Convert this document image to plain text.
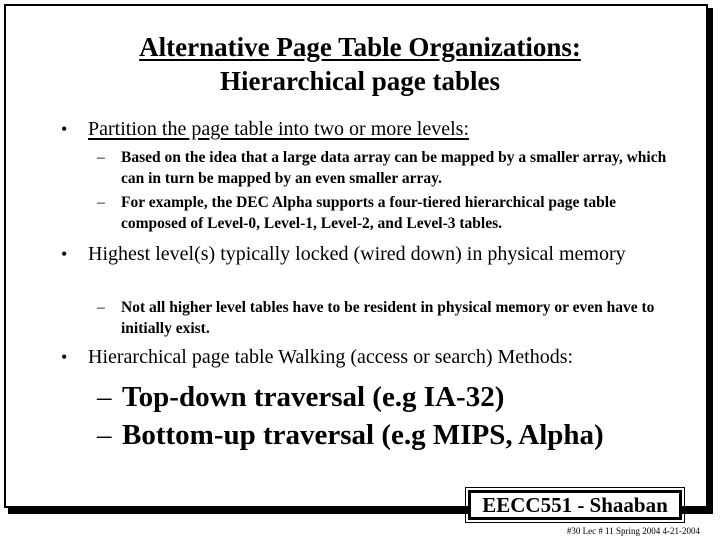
Alternative Page Table Organizations:
Hierarchical page tables
• Partition the page table into two or more levels:
– Based on the idea that a large data array can be mapped by a smaller array, which can in turn be mapped by an even smaller array.
– For example, the DEC Alpha supports a four-tiered hierarchical page table composed of Level-0, Level-1, Level-2, and Level-3 tables.
• Highest level(s) typically locked (wired down) in physical memory
– Not all higher level tables have to be resident in physical memory or even have to initially exist.
• Hierarchical page table Walking (access or search) Methods:
– Top-down traversal (e.g IA-32)
– Bottom-up traversal (e.g MIPS, Alpha)
EECC551 - Shaaban
#30 Lec # 11 Spring 2004 4-21-2004
